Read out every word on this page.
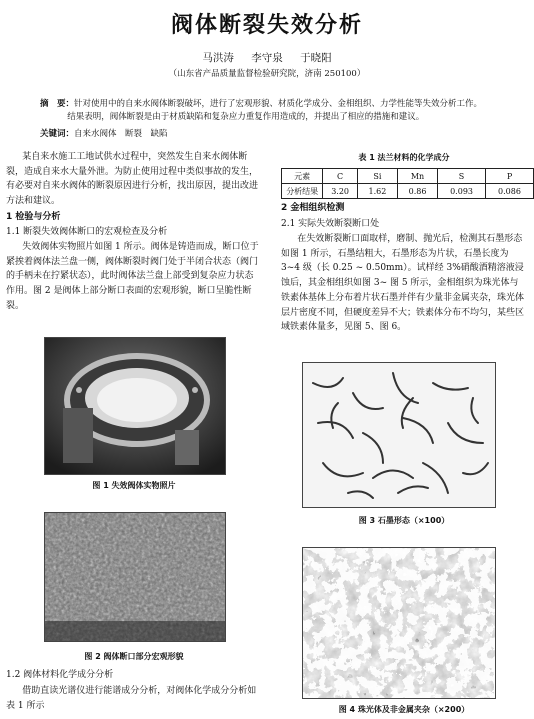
阀体断裂失效分析
马洪涛 李守泉 于晓阳
（山东省产品质量监督检验研究院，济南 250100）
摘　要：针对使用中的自来水阀体断裂破坏，进行了宏观形貌、材质化学成分、金相组织、力学性能等失效分析工作。
结果表明，阀体断裂是由于材质缺陷和复杂应力重复作用造成的，并提出了相应的措施和建议。
关键词：自来水阀体　断裂　缺陷
某自来水施工工地试供水过程中，突然发生自来水阀体断裂，造成自来水大量外泄。为防止使用过程中类似事故的发生，有必要对自来水阀体的断裂原因进行分析，找出原因，提出改进方法和建议。
1 检验与分析
1.1 断裂失效阀体断口的宏观检查及分析
失效阀体实物照片如图 1 所示。阀体是铸造而成，断口位于紧挨着阀体法兰盘一侧，阀体断裂时阀门处于半闭合状态（阀门的手柄未在拧紧状态），此时阀体法兰盘上部受到复杂应力状态作用。图 2 是阀体上部分断口表面的宏观形貌，断口呈脆性断裂。
图 1 失效阀体实物照片
图 2 阀体断口部分宏观形貌
1.2 阀体材料化学成分分析
借助直读光谱仪进行能谱成分分析，对阀体化学成分分析如表 1 所示
表 1 法兰材料的化学成分
元素	C	Si	Mn	S	P
分析结果	3.20	1.62	0.86	0.093	0.086
2 金相组织检测
2.1 实际失效断裂断口处
在失效断裂断口面取样，磨制、抛光后，检测其石墨形态如图 1 所示，石墨结粗大，石墨形态为片状，石墨长度为 3~4 级（长 0.25 ~ 0.50mm）。试样经 3%硝酸酒精溶液浸蚀后，其金相组织如图 3~ 图 5 所示，金相组织为珠光体与铁素体基体上分布着片状石墨并伴有少量非金属夹杂，珠光体层片密度不同，但硬度差异不大；铁素体分布不均匀，某些区域铁素体量多，见图 5、图 6。
图 3 石墨形态（×100）
图 4 珠光体及非金属夹杂（×200）
